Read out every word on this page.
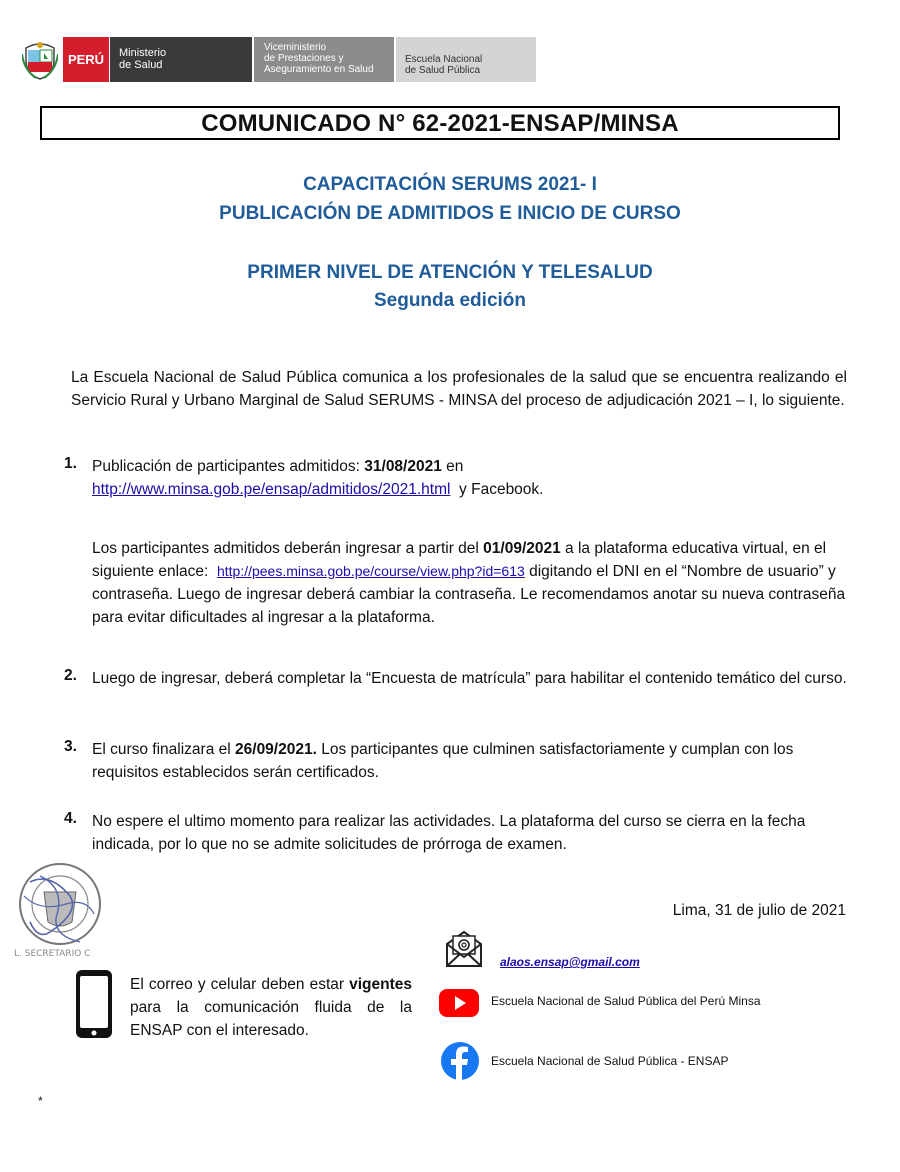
PERÚ	Ministerio
de Salud
Viceministerio
de Prestaciones y
Aseguramiento en Salud
Escuela Nacional
de Salud Pública
COMUNICADO N° 62-2021-ENSAP/MINSA
CAPACITACIÓN SERUMS 2021- I
PUBLICACIÓN DE ADMITIDOS E INICIO DE CURSO
PRIMER NIVEL DE ATENCIÓN Y TELESALUD
Segunda edición
La Escuela Nacional de Salud Pública comunica a los profesionales de la salud que se encuentra realizando el Servicio Rural y Urbano Marginal de Salud SERUMS - MINSA del proceso de adjudicación 2021 – I, lo siguiente.
1. Publicación de participantes admitidos: 31/08/2021 en
http://www.minsa.gob.pe/ensap/admitidos/2021.html  y Facebook.
Los participantes admitidos deberán ingresar a partir del 01/09/2021 a la plataforma educativa virtual, en el siguiente enlace:  http://pees.minsa.gob.pe/course/view.php?id=613 digitando el DNI en el “Nombre de usuario” y contraseña. Luego de ingresar deberá cambiar la contraseña. Le recomendamos anotar su nueva contraseña para evitar dificultades al ingresar a la plataforma.
2. Luego de ingresar, deberá completar la “Encuesta de matrícula” para habilitar el contenido temático del curso.
3. El curso finalizara el 26/09/2021. Los participantes que culminen satisfactoriamente y cumplan con los requisitos establecidos serán certificados.
4. No espere el ultimo momento para realizar las actividades. La plataforma del curso se cierra en la fecha indicada, por lo que no se admite solicitudes de prórroga de examen.
L. SECRETARIO C
Lima, 31 de julio de 2021
El correo y celular deben estar vigentes para la comunicación fluida de la ENSAP con el interesado.
alaos.ensap@gmail.com
Escuela Nacional de Salud Pública del Perú Minsa
Escuela Nacional de Salud Pública - ENSAP
*
